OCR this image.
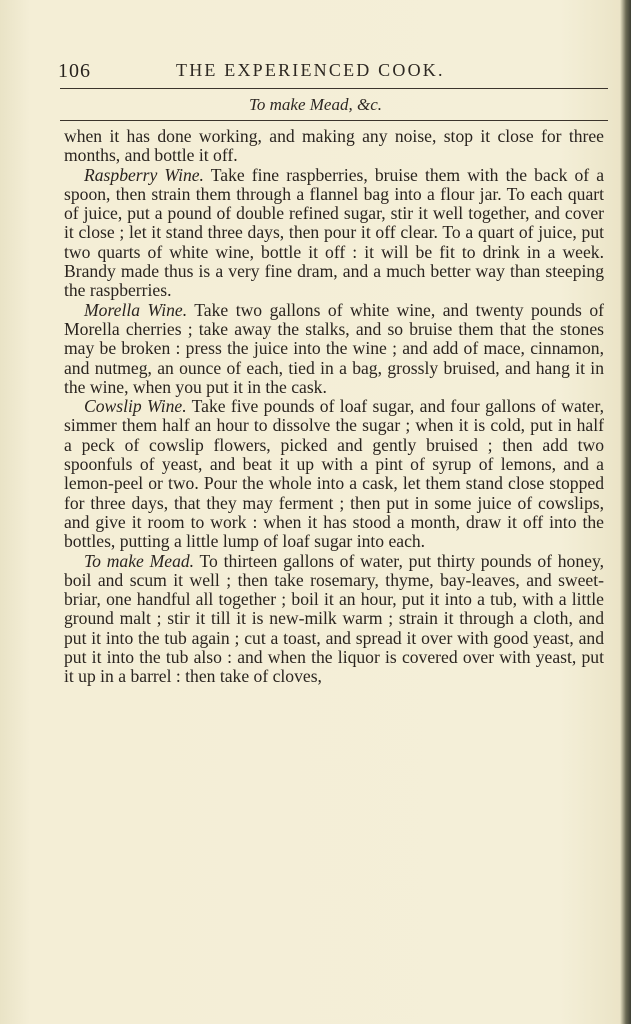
106	THE EXPERIENCED COOK.
To make Mead, &c.

when it has done working, and making any noise, stop it close for three months, and bottle it off.

Raspberry Wine. Take fine raspberries, bruise them with the back of a spoon, then strain them through a flannel bag into a flour jar. To each quart of juice, put a pound of double refined sugar, stir it well together, and cover it close ; let it stand three days, then pour it off clear. To a quart of juice, put two quarts of white wine, bottle it off : it will be fit to drink in a week. Brandy made thus is a very fine dram, and a much better way than steeping the raspberries.

Morella Wine. Take two gallons of white wine, and twenty pounds of Morella cherries ; take away the stalks, and so bruise them that the stones may be broken : press the juice into the wine ; and add of mace, cinnamon, and nutmeg, an ounce of each, tied in a bag, grossly bruised, and hang it in the wine, when you put it in the cask.

Cowslip Wine. Take five pounds of loaf sugar, and four gallons of water, simmer them half an hour to dissolve the sugar ; when it is cold, put in half a peck of cowslip flowers, picked and gently bruised ; then add two spoonfuls of yeast, and beat it up with a pint of syrup of lemons, and a lemon-peel or two. Pour the whole into a cask, let them stand close stopped for three days, that they may ferment ; then put in some juice of cowslips, and give it room to work : when it has stood a month, draw it off into the bottles, putting a little lump of loaf sugar into each.

To make Mead. To thirteen gallons of water, put thirty pounds of honey, boil and scum it well ; then take rosemary, thyme, bay-leaves, and sweet-briar, one handful all together ; boil it an hour, put it into a tub, with a little ground malt ; stir it till it is new-milk warm ; strain it through a cloth, and put it into the tub again ; cut a toast, and spread it over with good yeast, and put it into the tub also : and when the liquor is covered over with yeast, put it up in a barrel : then take of cloves,
